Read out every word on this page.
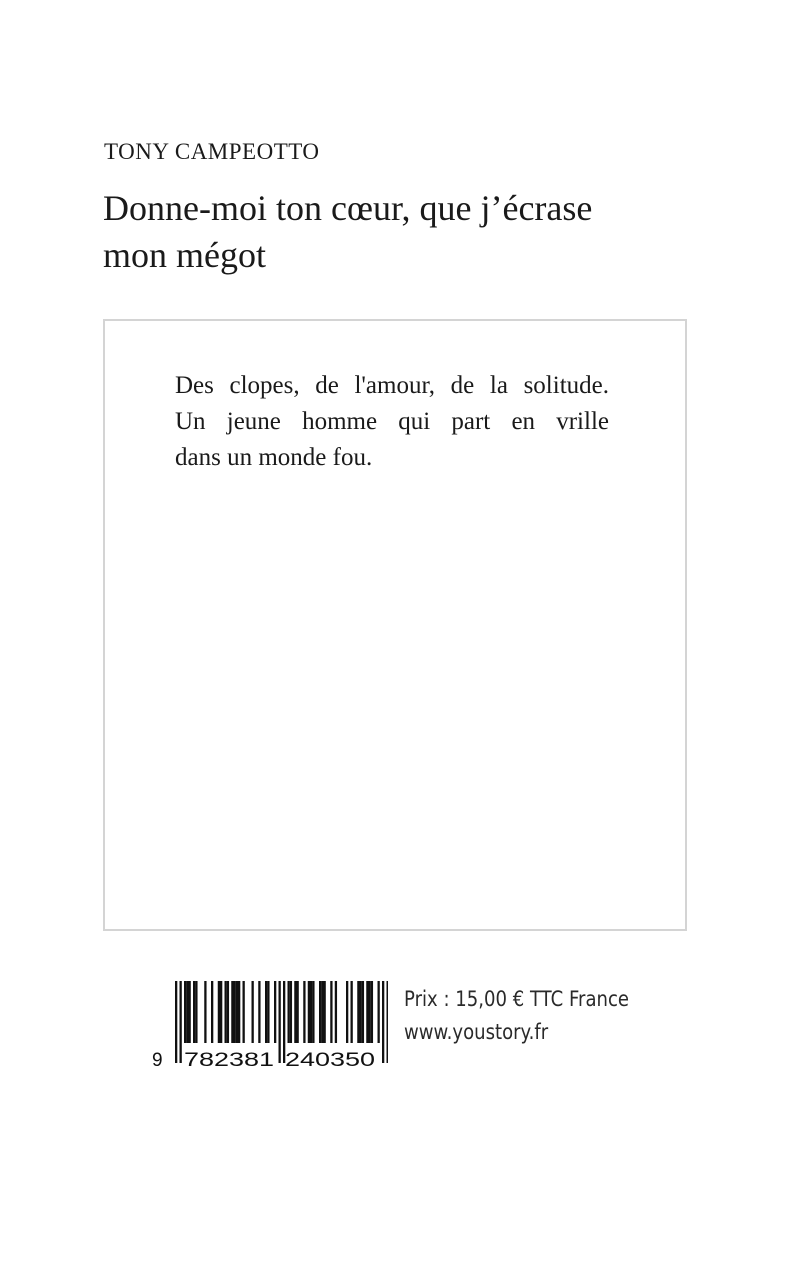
TONY CAMPEOTTO
Donne-moi ton cœur, que j’écrase
mon mégot
Des clopes, de l'amour, de la solitude.
Un jeune homme qui part en vrille
dans un monde fou.
9 782381 240350
Prix : 15,00 € TTC France
www.youstory.fr
